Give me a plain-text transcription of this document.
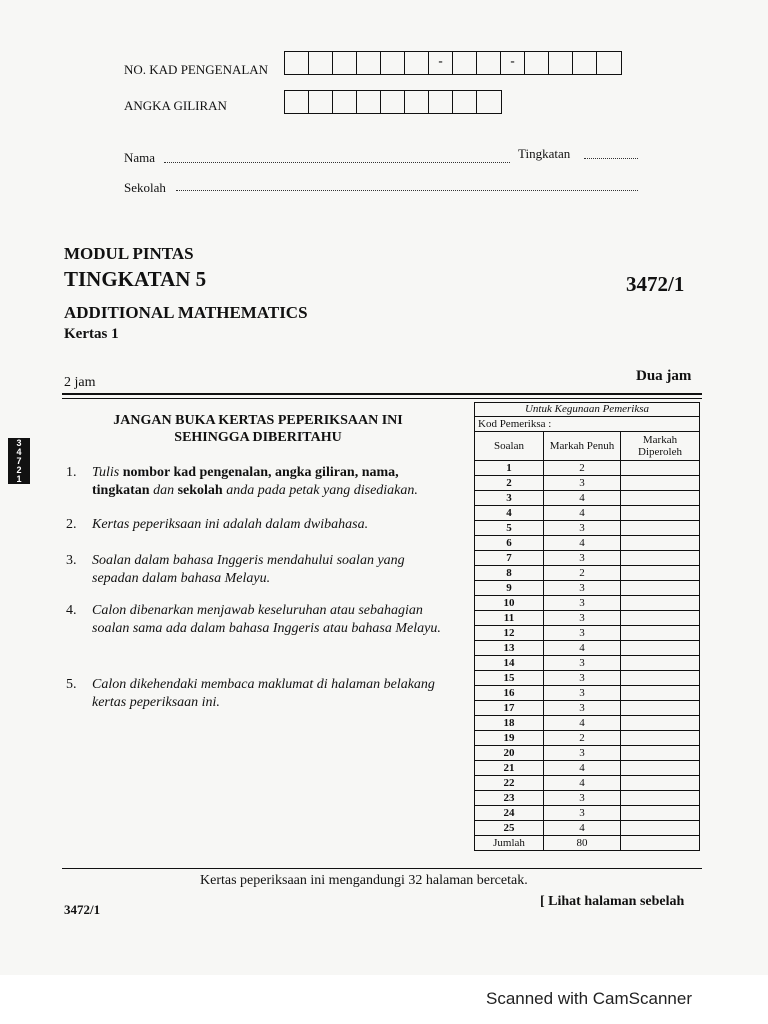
NO. KAD PENGENALAN
-	-
ANGKA GILIRAN
Nama	Tingkatan
Sekolah
MODUL PINTAS
TINGKATAN 5	3472/1
ADDITIONAL MATHEMATICS
Kertas 1
2 jam	Dua jam
3
4
7
2
1
JANGAN BUKA KERTAS PEPERIKSAAN INI
SEHINGGA DIBERITAHU
1. Tulis nombor kad pengenalan, angka giliran, nama, tingkatan dan sekolah anda pada petak yang disediakan.
2. Kertas peperiksaan ini adalah dalam dwibahasa.
3. Soalan dalam bahasa Inggeris mendahului soalan yang sepadan dalam bahasa Melayu.
4. Calon dibenarkan menjawab keseluruhan atau sebahagian soalan sama ada dalam bahasa Inggeris atau bahasa Melayu.
5. Calon dikehendaki membaca maklumat di halaman belakang kertas peperiksaan ini.
Untuk Kegunaan Pemeriksa		
Kod Pemeriksa :		
Soalan	Markah Penuh	Markah Diperoleh
1	2	
2	3	
3	4	
4	4	
5	3	
6	4	
7	3	
8	2	
9	3	
10	3	
11	3	
12	3	
13	4	
14	3	
15	3	
16	3	
17	3	
18	4	
19	2	
20	3	
21	4	
22	4	
23	3	
24	3	
25	4	
Jumlah	80	
Kertas peperiksaan ini mengandungi 32 halaman bercetak.
3472/1
[ Lihat halaman sebelah
Scanned with CamScanner
